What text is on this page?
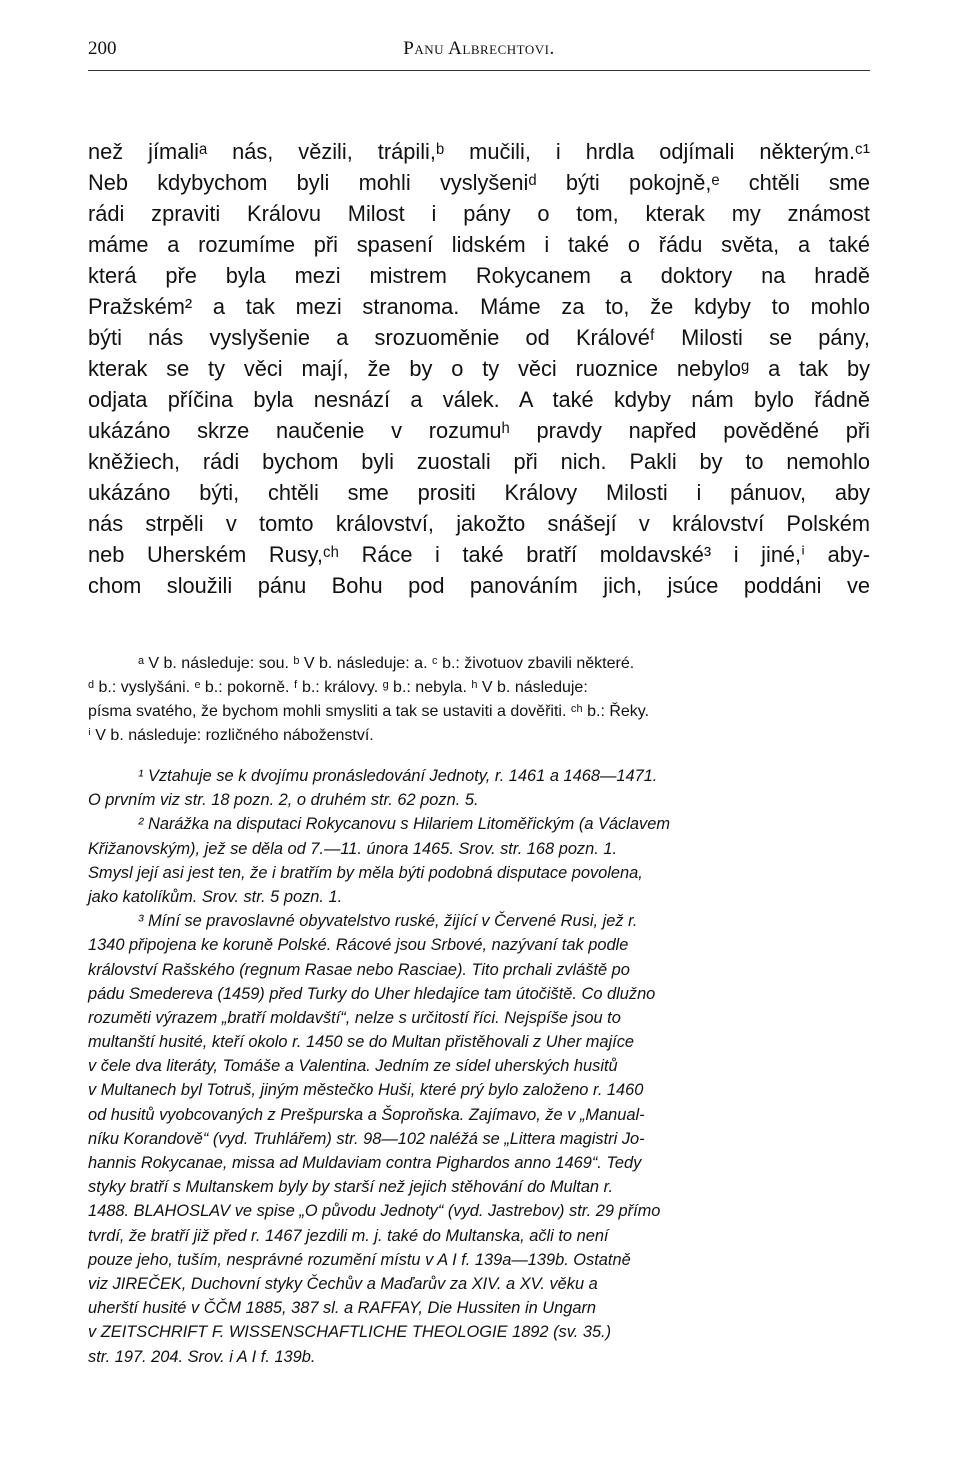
200	Panu Albrechtovi.
než jímaliᵃ nás, vězili, trápili,ᵇ mučili, i hrdla odjímali některým.ᶜ¹
Neb kdybychom byli mohli vyslyšeniᵈ býti pokojně,ᵉ chtěli sme
rádi zpraviti Královu Milost i pány o tom, kterak my známost
máme a rozumíme při spasení lidském i také o řádu světa, a také
která pře byla mezi mistrem Rokycanem a doktory na hradě
Pražském² a tak mezi stranoma. Máme za to, že kdyby to mohlo
býti nás vyslyšenie a srozuoměnie od Královéᶠ Milosti se pány,
kterak se ty věci mají, že by o ty věci ruoznice nebyloᵍ a tak by
odjata příčina byla nesnází a válek. A také kdyby nám bylo řádně
ukázáno skrze naučenie v rozumuʰ pravdy napřed pověděné při
kněžiech, rádi bychom byli zuostali při nich. Pakli by to nemohlo
ukázáno býti, chtěli sme prositi Královy Milosti i pánuov, aby
nás strpěli v tomto království, jakožto snášejí v království Polském
neb Uherském Rusy,ᶜʰ Ráce i také bratří moldavské³ i jiné,ⁱ aby-
chom sloužili pánu Bohu pod panováním jich, jsúce poddáni ve
ᵃ V b. následuje: sou. ᵇ V b. následuje: a. ᶜ b.: životuov zbavili některé.
ᵈ b.: vyslyšáni. ᵉ b.: pokorně. ᶠ b.: královy. ᵍ b.: nebyla. ʰ V b. následuje:
písma svatého, že bychom mohli smysliti a tak se ustaviti a dověřiti. ᶜʰ b.: Řeky.
ⁱ V b. následuje: rozličného náboženství.
¹ Vztahuje se k dvojímu pronásledování Jednoty, r. 1461 a 1468—1471.
O prvním viz str. 18 pozn. 2, o druhém str. 62 pozn. 5.
² Narážka na disputaci Rokycanovu s Hilariem Litoměřickým (a Václavem
Křižanovským), jež se děla od 7.—11. února 1465. Srov. str. 168 pozn. 1.
Smysl její asi jest ten, že i bratřím by měla býti podobná disputace povolena,
jako katolíkům. Srov. str. 5 pozn. 1.
³ Míní se pravoslavné obyvatelstvo ruské, žijící v Červené Rusi, jež r.
1340 připojena ke koruně Polské. Rácové jsou Srbové, nazývaní tak podle
království Rašského (regnum Rasae nebo Rasciae). Tito prchali zvláště po
pádu Smedereva (1459) před Turky do Uher hledajíce tam útočiště. Co dlužno
rozuměti výrazem „bratří moldavští“, nelze s určitostí říci. Nejspíše jsou to
multanští husité, kteří okolo r. 1450 se do Multan přistěhovali z Uher majíce
v čele dva literáty, Tomáše a Valentina. Jedním ze sídel uherských husitů
v Multanech byl Totruš, jiným městečko Huši, které prý bylo založeno r. 1460
od husitů vyobcovaných z Prešpurska a Šoproňska. Zajímavo, že v „Manual-
níku Korandově“ (vyd. Truhlářem) str. 98—102 naléžá se „Littera magistri Jo-
hannis Rokycanae, missa ad Muldaviam contra Pighardos anno 1469“. Tedy
styky bratří s Multanskem byly by starší než jejich stěhování do Multan r.
1488. BLAHOSLAV ve spise „O původu Jednoty“ (vyd. Jastrebov) str. 29 přímo
tvrdí, že bratří již před r. 1467 jezdili m. j. také do Multanska, ačli to není
pouze jeho, tuším, nesprávné rozumění místu v A I f. 139a—139b. Ostatně
viz JIREČEK, Duchovní styky Čechův a Maďarův za XIV. a XV. věku a
uherští husité v ČČM 1885, 387 sl. a RAFFAY, Die Hussiten in Ungarn
v ZEITSCHRIFT F. WISSENSCHAFTLICHE THEOLOGIE 1892 (sv. 35.)
str. 197. 204. Srov. i A I f. 139b.
